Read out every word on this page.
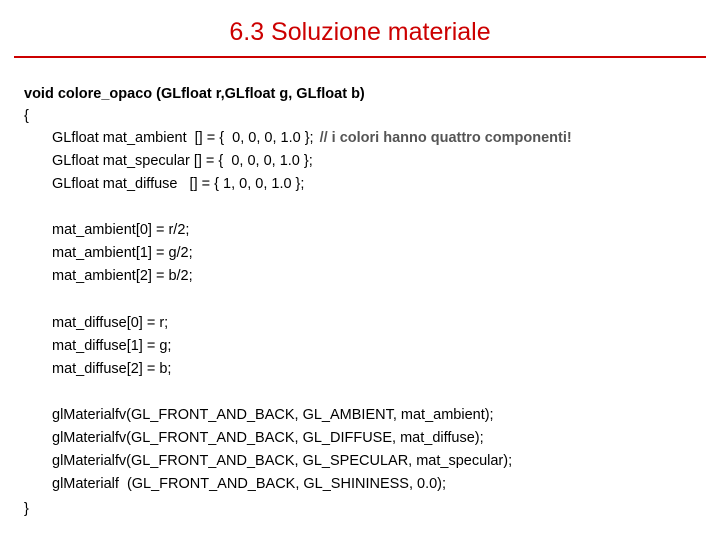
6.3 Soluzione materiale
void colore_opaco (GLfloat r,GLfloat g, GLfloat b)
{
GLfloat mat_ambient  [] = {  0, 0, 0, 1.0 }; // i colori hanno quattro componenti!
GLfloat mat_specular [] = {  0, 0, 0, 1.0 };
GLfloat mat_diffuse   [] = { 1, 0, 0, 1.0 };
mat_ambient[0] = r/2;
mat_ambient[1] = g/2;
mat_ambient[2] = b/2;
mat_diffuse[0] = r;
mat_diffuse[1] = g;
mat_diffuse[2] = b;
glMaterialfv(GL_FRONT_AND_BACK, GL_AMBIENT, mat_ambient);
glMaterialfv(GL_FRONT_AND_BACK, GL_DIFFUSE, mat_diffuse);
glMaterialfv(GL_FRONT_AND_BACK, GL_SPECULAR, mat_specular);
glMaterialf  (GL_FRONT_AND_BACK, GL_SHININESS, 0.0);
}
